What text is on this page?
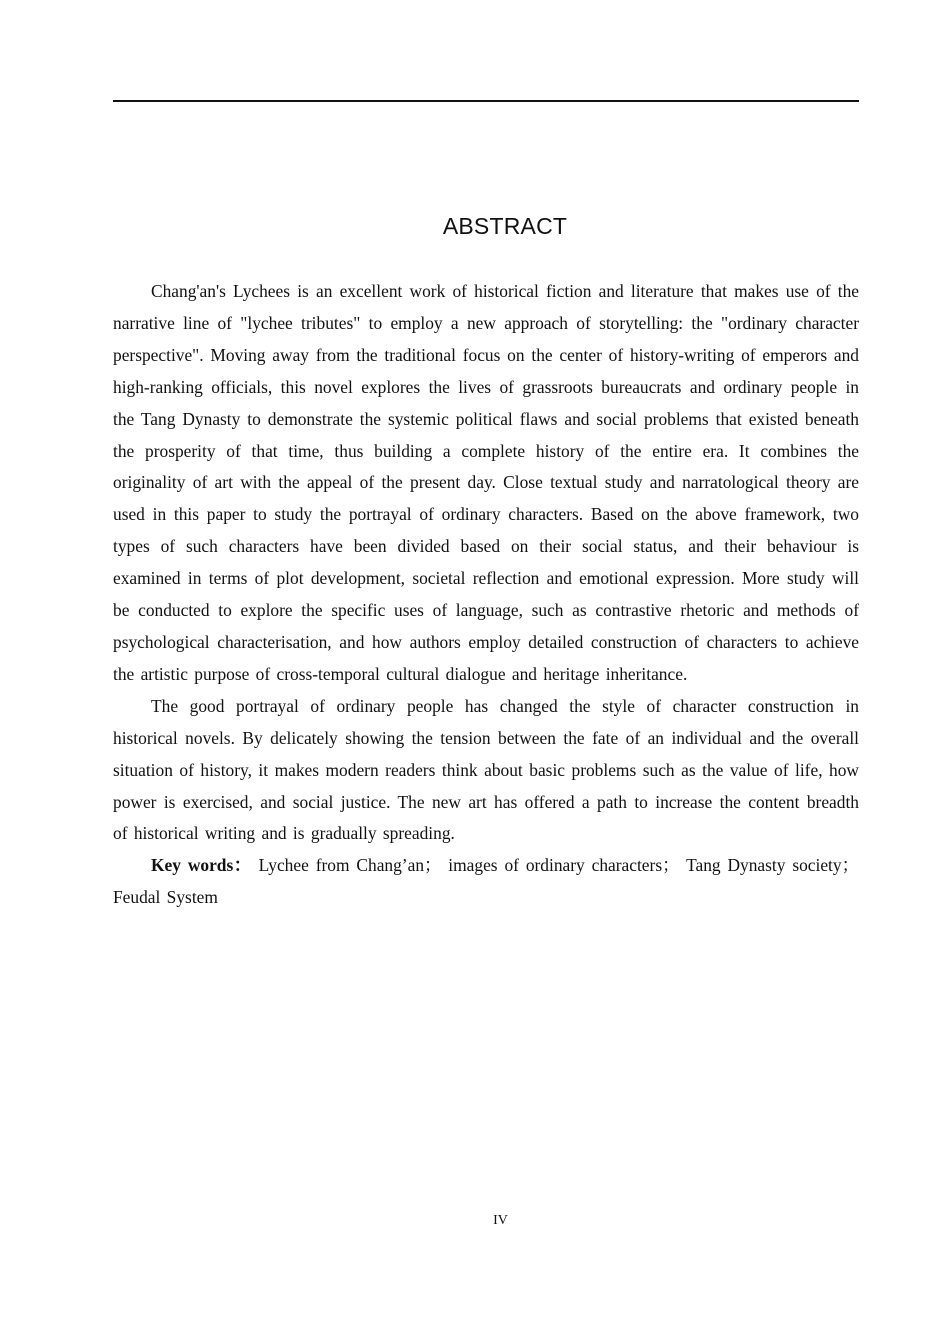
ABSTRACT

Chang'an's Lychees is an excellent work of historical fiction and literature that makes use of the narrative line of "lychee tributes" to employ a new approach of storytelling: the "ordinary character perspective". Moving away from the traditional focus on the center of history-writing of emperors and high-ranking officials, this novel explores the lives of grassroots bureaucrats and ordinary people in the Tang Dynasty to demonstrate the systemic political flaws and social problems that existed beneath the prosperity of that time, thus building a complete history of the entire era. It combines the originality of art with the appeal of the present day. Close textual study and narratological theory are used in this paper to study the portrayal of ordinary characters. Based on the above framework, two types of such characters have been divided based on their social status, and their behaviour is examined in terms of plot development, societal reflection and emotional expression. More study will be conducted to explore the specific uses of language, such as contrastive rhetoric and methods of psychological characterisation, and how authors employ detailed construction of characters to achieve the artistic purpose of cross-temporal cultural dialogue and heritage inheritance.

The good portrayal of ordinary people has changed the style of character construction in historical novels. By delicately showing the tension between the fate of an individual and the overall situation of history, it makes modern readers think about basic problems such as the value of life, how power is exercised, and social justice. The new art has offered a path to increase the content breadth of historical writing and is gradually spreading.

Key words： Lychee from Chang’an； images of ordinary characters； Tang Dynasty society；Feudal System

IV
